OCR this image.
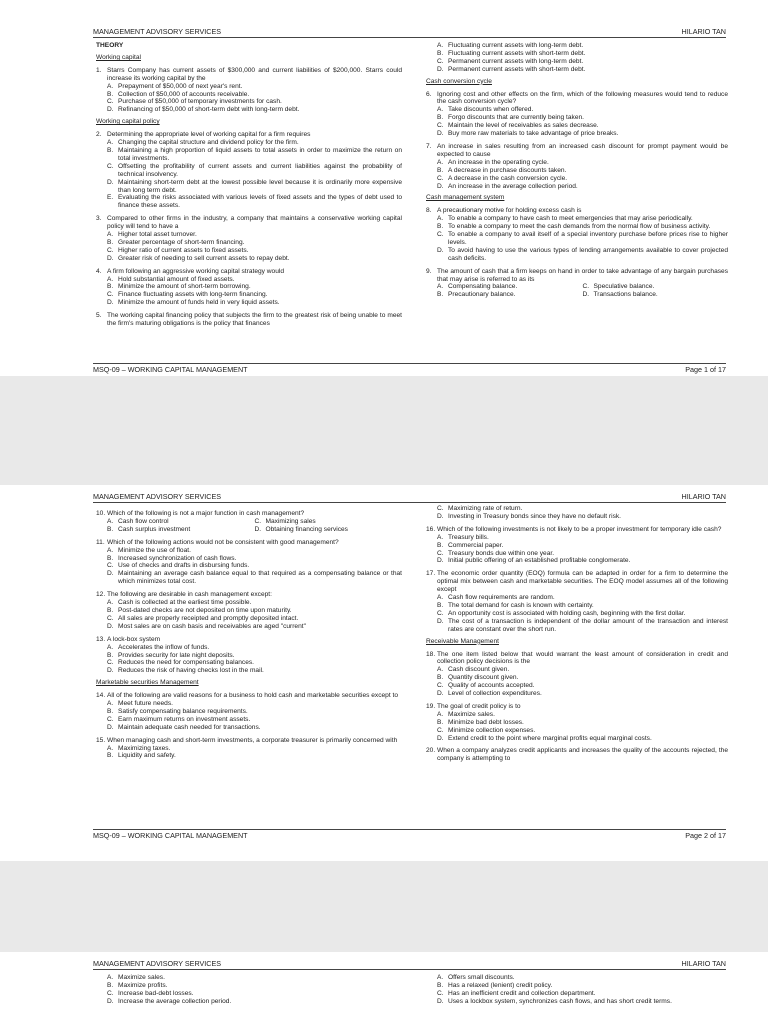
MANAGEMENT ADVISORY SERVICES	HILARIO TAN
THEORY
Working capital
1. Starrs Company has current assets of $300,000 and current liabilities of $200,000. Starrs could increase its working capital by the
A. Prepayment of $50,000 of next year's rent.
B. Collection of $50,000 of accounts receivable.
C. Purchase of $50,000 of temporary investments for cash.
D. Refinancing of $50,000 of short-term debt with long-term debt.
Working capital policy
2. Determining the appropriate level of working capital for a firm requires
A. Changing the capital structure and dividend policy for the firm.
B. Maintaining a high proportion of liquid assets to total assets in order to maximize the return on total investments.
C. Offsetting the profitability of current assets and current liabilities against the probability of technical insolvency.
D. Maintaining short-term debt at the lowest possible level because it is ordinarily more expensive than long term debt.
E. Evaluating the risks associated with various levels of fixed assets and the types of debt used to finance these assets.
3. Compared to other firms in the industry, a company that maintains a conservative working capital policy will tend to have a
A. Higher total asset turnover.
B. Greater percentage of short-term financing.
C. Higher ratio of current assets to fixed assets.
D. Greater risk of needing to sell current assets to repay debt.
4. A firm following an aggressive working capital strategy would
A. Hold substantial amount of fixed assets.
B. Minimize the amount of short-term borrowing.
C. Finance fluctuating assets with long-term financing.
D. Minimize the amount of funds held in very liquid assets.
5. The working capital financing policy that subjects the firm to the greatest risk of being unable to meet the firm's maturing obligations is the policy that finances
A. Fluctuating current assets with long-term debt.
B. Fluctuating current assets with short-term debt.
C. Permanent current assets with long-term debt.
D. Permanent current assets with short-term debt.
Cash conversion cycle
6. Ignoring cost and other effects on the firm, which of the following measures would tend to reduce the cash conversion cycle?
A. Take discounts when offered.
B. Forgo discounts that are currently being taken.
C. Maintain the level of receivables as sales decrease.
D. Buy more raw materials to take advantage of price breaks.
7. An increase in sales resulting from an increased cash discount for prompt payment would be expected to cause
A. An increase in the operating cycle.
B. A decrease in purchase discounts taken.
C. A decrease in the cash conversion cycle.
D. An increase in the average collection period.
Cash management system
8. A precautionary motive for holding excess cash is
A. To enable a company to have cash to meet emergencies that may arise periodically.
B. To enable a company to meet the cash demands from the normal flow of business activity.
C. To enable a company to avail itself of a special inventory purchase before prices rise to higher levels.
D. To avoid having to use the various types of lending arrangements available to cover projected cash deficits.
9. The amount of cash that a firm keeps on hand in order to take advantage of any bargain purchases that may arise is referred to as its
A. Compensating balance.	C. Speculative balance.
B. Precautionary balance.	D. Transactions balance.
MSQ-09 – WORKING CAPITAL MANAGEMENT	Page 1 of 17
MANAGEMENT ADVISORY SERVICES	HILARIO TAN
10. Which of the following is not a major function in cash management?
A. Cash flow control	C. Maximizing sales
B. Cash surplus investment	D. Obtaining financing services
11. Which of the following actions would not be consistent with good management?
A. Minimize the use of float.
B. Increased synchronization of cash flows.
C. Use of checks and drafts in disbursing funds.
D. Maintaining an average cash balance equal to that required as a compensating balance or that which minimizes total cost.
12. The following are desirable in cash management except:
A. Cash is collected at the earliest time possible.
B. Post-dated checks are not deposited on time upon maturity.
C. All sales are properly receipted and promptly deposited intact.
D. Most sales are on cash basis and receivables are aged "current"
13. A lock-box system
A. Accelerates the inflow of funds.
B. Provides security for late night deposits.
C. Reduces the need for compensating balances.
D. Reduces the risk of having checks lost in the mail.
Marketable securities Management
14. All of the following are valid reasons for a business to hold cash and marketable securities except to
A. Meet future needs.
B. Satisfy compensating balance requirements.
C. Earn maximum returns on investment assets.
D. Maintain adequate cash needed for transactions.
15. When managing cash and short-term investments, a corporate treasurer is primarily concerned with
A. Maximizing taxes.
B. Liquidity and safety.
C. Maximizing rate of return.
D. Investing in Treasury bonds since they have no default risk.
16. Which of the following investments is not likely to be a proper investment for temporary idle cash?
A. Treasury bills.
B. Commercial paper.
C. Treasury bonds due within one year.
D. Initial public offering of an established profitable conglomerate.
17. The economic order quantity (EOQ) formula can be adapted in order for a firm to determine the optimal mix between cash and marketable securities. The EOQ model assumes all of the following except
A. Cash flow requirements are random.
B. The total demand for cash is known with certainty.
C. An opportunity cost is associated with holding cash, beginning with the first dollar.
D. The cost of a transaction is independent of the dollar amount of the transaction and interest rates are constant over the short run.
Receivable Management
18. The one item listed below that would warrant the least amount of consideration in credit and collection policy decisions is the
A. Cash discount given.
B. Quantity discount given.
C. Quality of accounts accepted.
D. Level of collection expenditures.
19. The goal of credit policy is to
A. Maximize sales.
B. Minimize bad debt losses.
C. Minimize collection expenses.
D. Extend credit to the point where marginal profits equal marginal costs.
20. When a company analyzes credit applicants and increases the quality of the accounts rejected, the company is attempting to
MSQ-09 – WORKING CAPITAL MANAGEMENT	Page 2 of 17
MANAGEMENT ADVISORY SERVICES	HILARIO TAN
A. Maximize sales.
B. Maximize profits.
C. Increase bad-debt losses.
D. Increase the average collection period.
A. Offers small discounts.
B. Has a relaxed (lenient) credit policy.
C. Has an inefficient credit and collection department.
D. Uses a lockbox system, synchronizes cash flows, and has short credit terms.
